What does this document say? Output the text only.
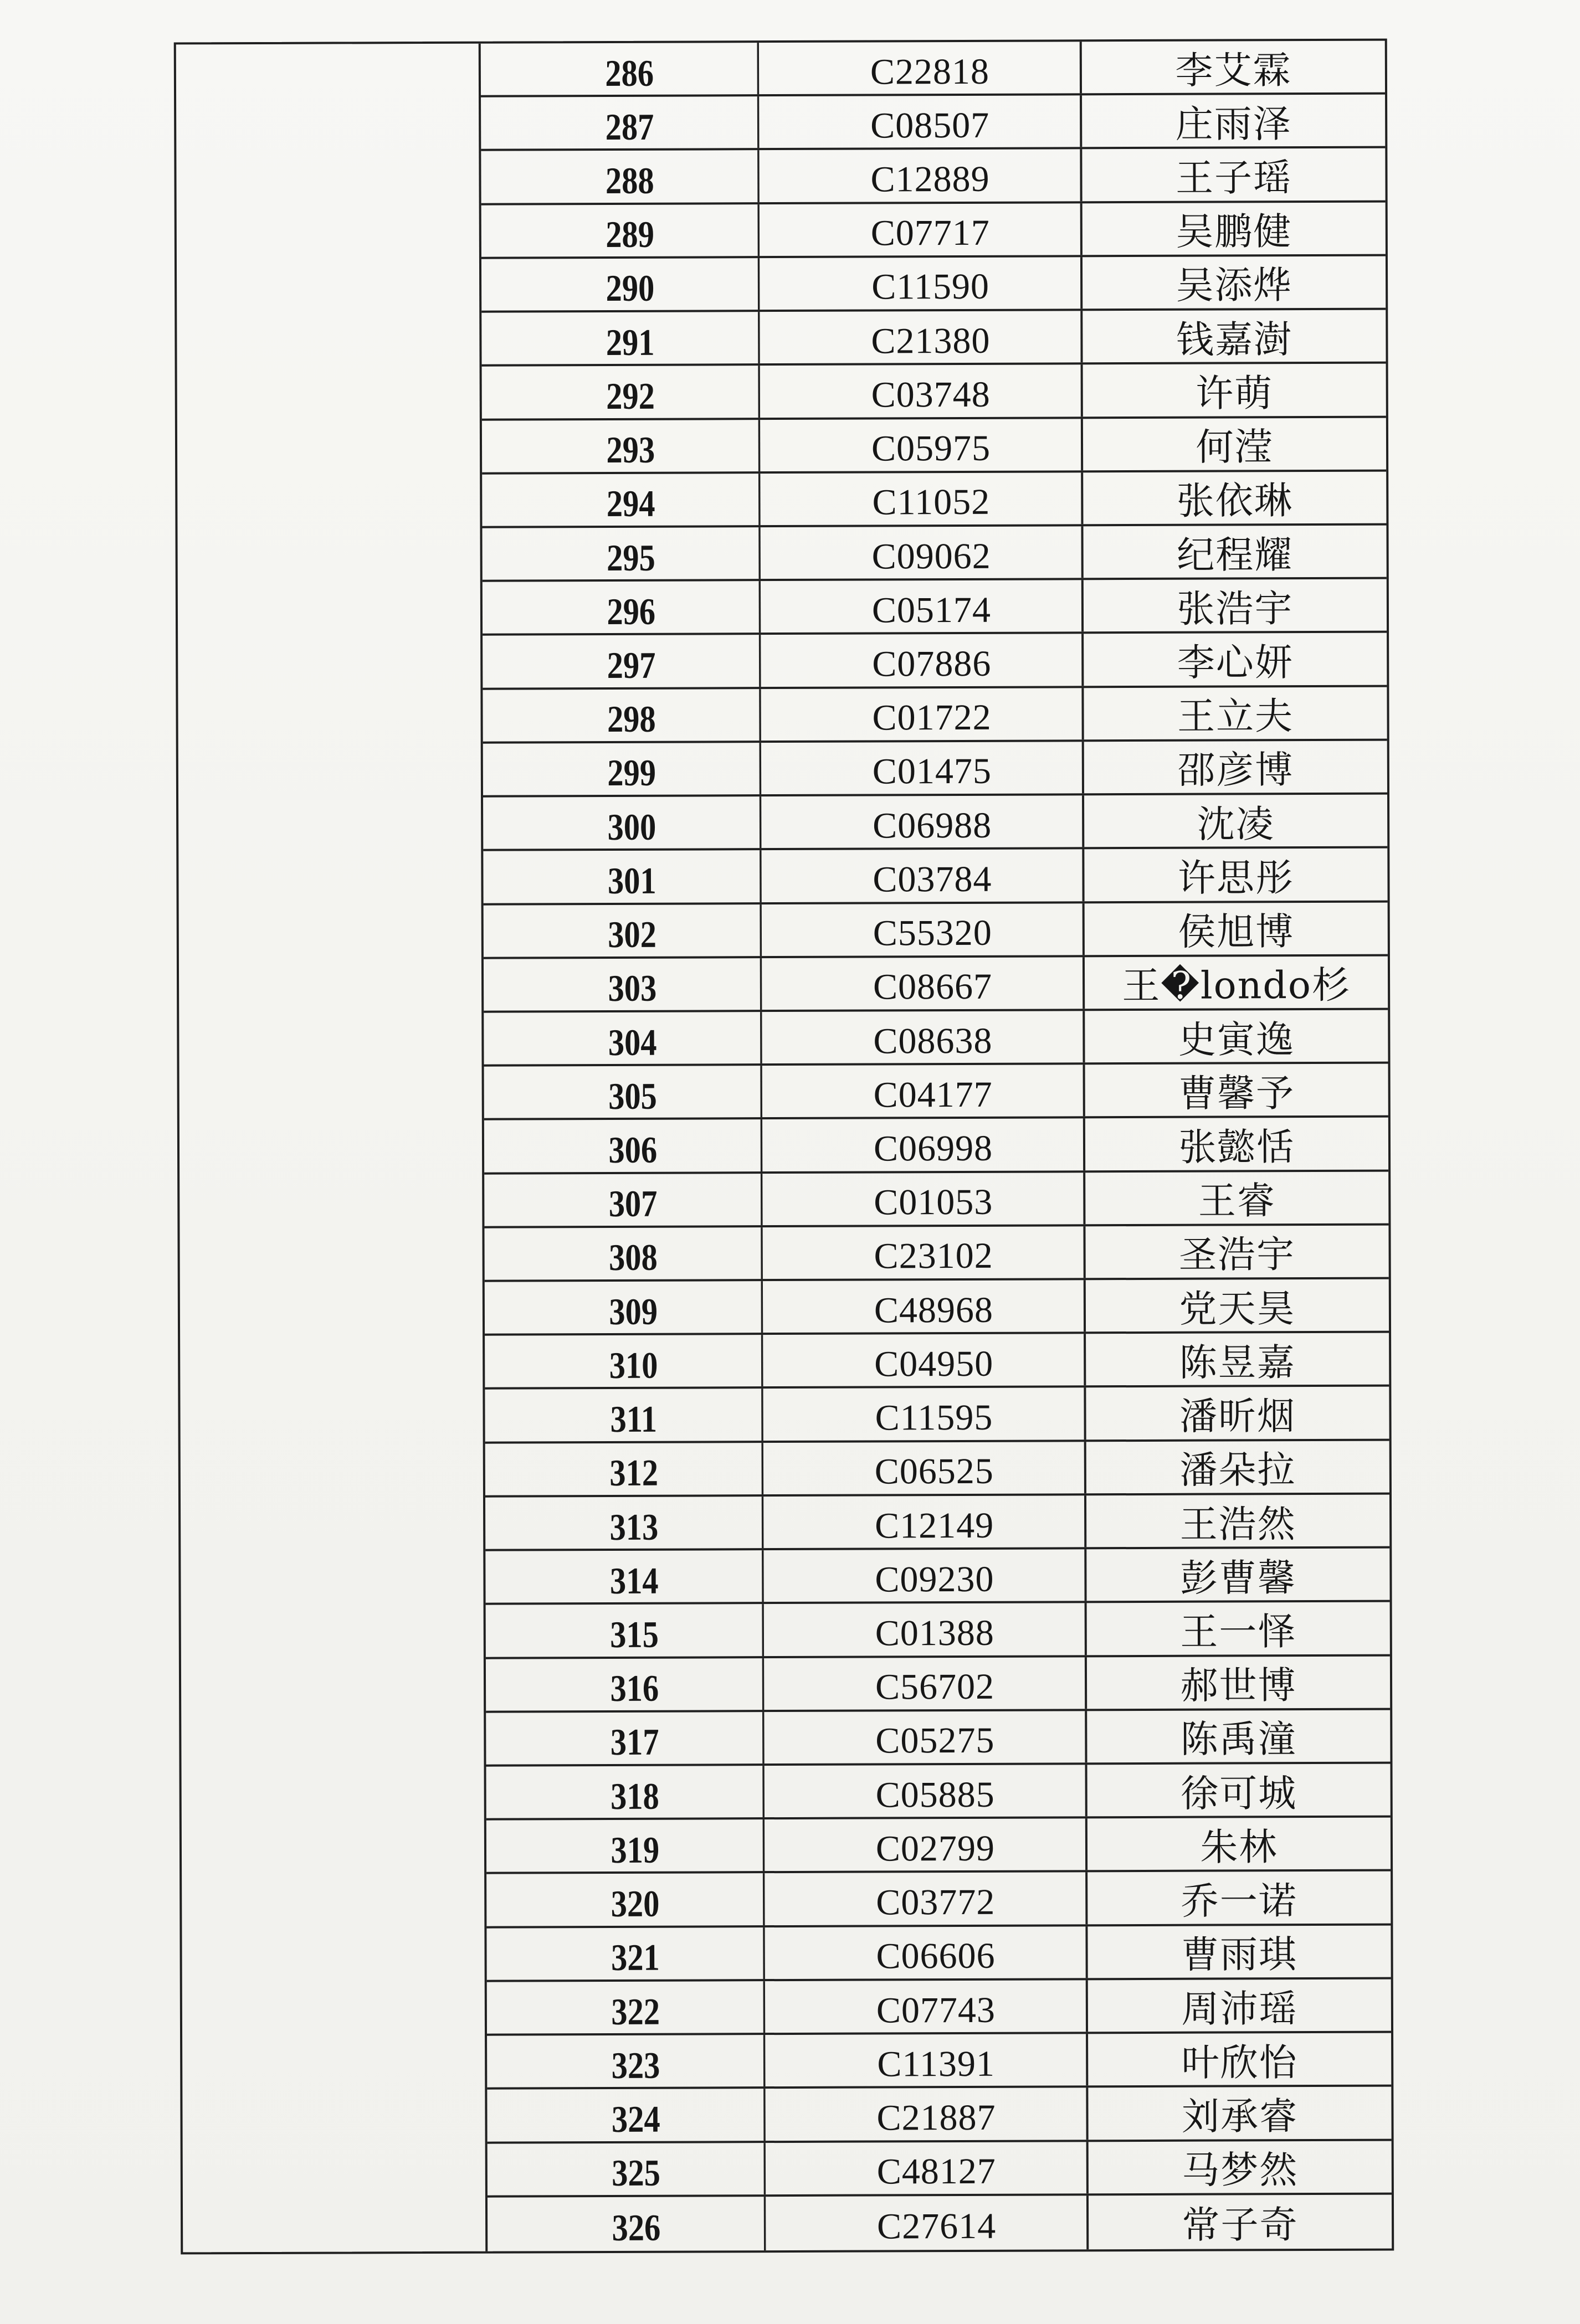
286	C22818	李艾霖
287	C08507	庄雨泽
288	C12889	王子瑶
289	C07717	吴鹏健
290	C11590	吴添烨
291	C21380	钱嘉澍
292	C03748	许萌
293	C05975	何滢
294	C11052	张依琳
295	C09062	纪程耀
296	C05174	张浩宇
297	C07886	李心妍
298	C01722	王立夫
299	C01475	邵彦博
300	C06988	沈凌
301	C03784	许思彤
302	C55320	侯旭博
303	C08667	王�londo杉
304	C08638	史寅逸
305	C04177	曹馨予
306	C06998	张懿恬
307	C01053	王睿
308	C23102	圣浩宇
309	C48968	党天昊
310	C04950	陈昱嘉
311	C11595	潘昕烟
312	C06525	潘朵拉
313	C12149	王浩然
314	C09230	彭曹馨
315	C01388	王一怿
316	C56702	郝世博
317	C05275	陈禹潼
318	C05885	徐可城
319	C02799	朱林
320	C03772	乔一诺
321	C06606	曹雨琪
322	C07743	周沛瑶
323	C11391	叶欣怡
324	C21887	刘承睿
325	C48127	马梦然
326	C27614	常子奇
